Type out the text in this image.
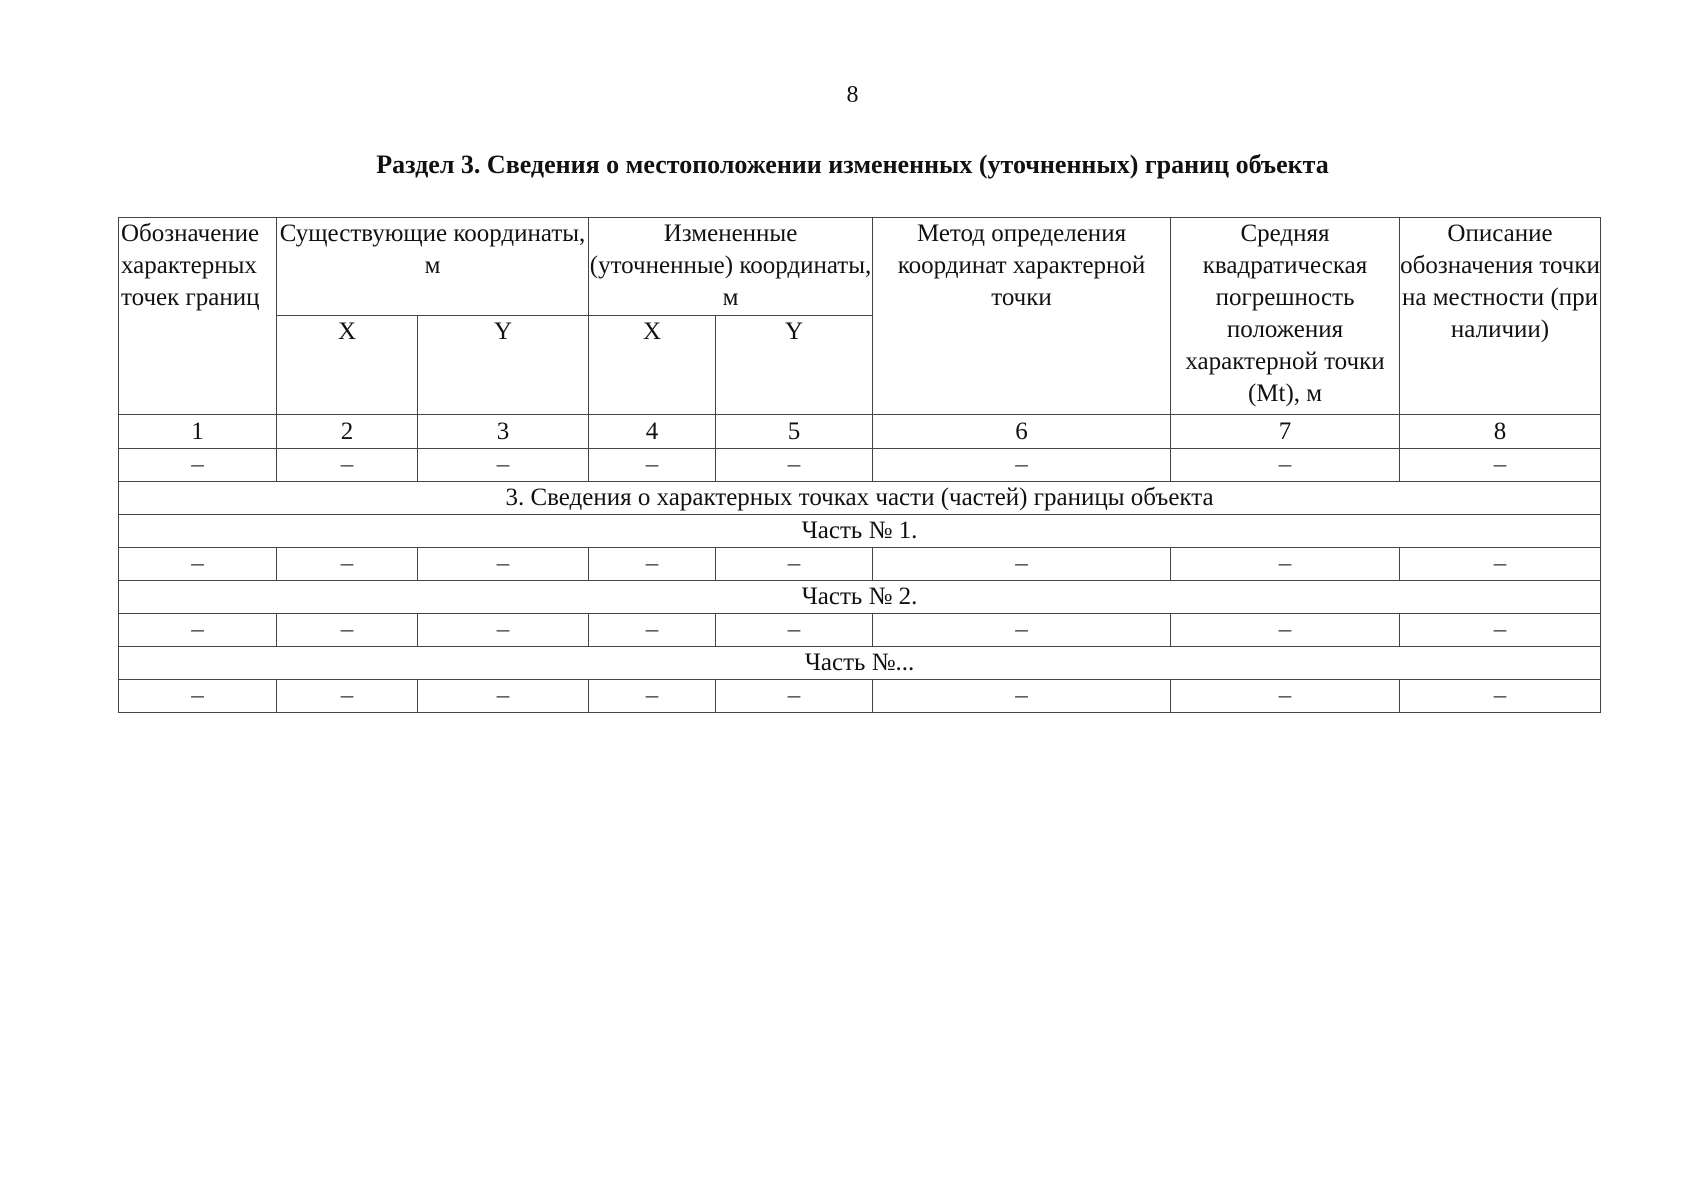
8
Раздел 3. Сведения о местоположении измененных (уточненных) границ объекта
Обозначение характерных точек границ	Существующие координаты, м		Измененные (уточненные) координаты, м		Метод определения координат характерной точки	Средняя квадратическая погрешность положения характерной точки (Mt), м	Описание обозначения точки на местности (при наличии)
	X	Y	X	Y			
1	2	3	4	5	6	7	8
–	–	–	–	–	–	–	–
3. Сведения о характерных точках части (частей) границы объекта							
Часть № 1.							
–	–	–	–	–	–	–	–
Часть № 2.							
–	–	–	–	–	–	–	–
Часть №...							
–	–	–	–	–	–	–	–
